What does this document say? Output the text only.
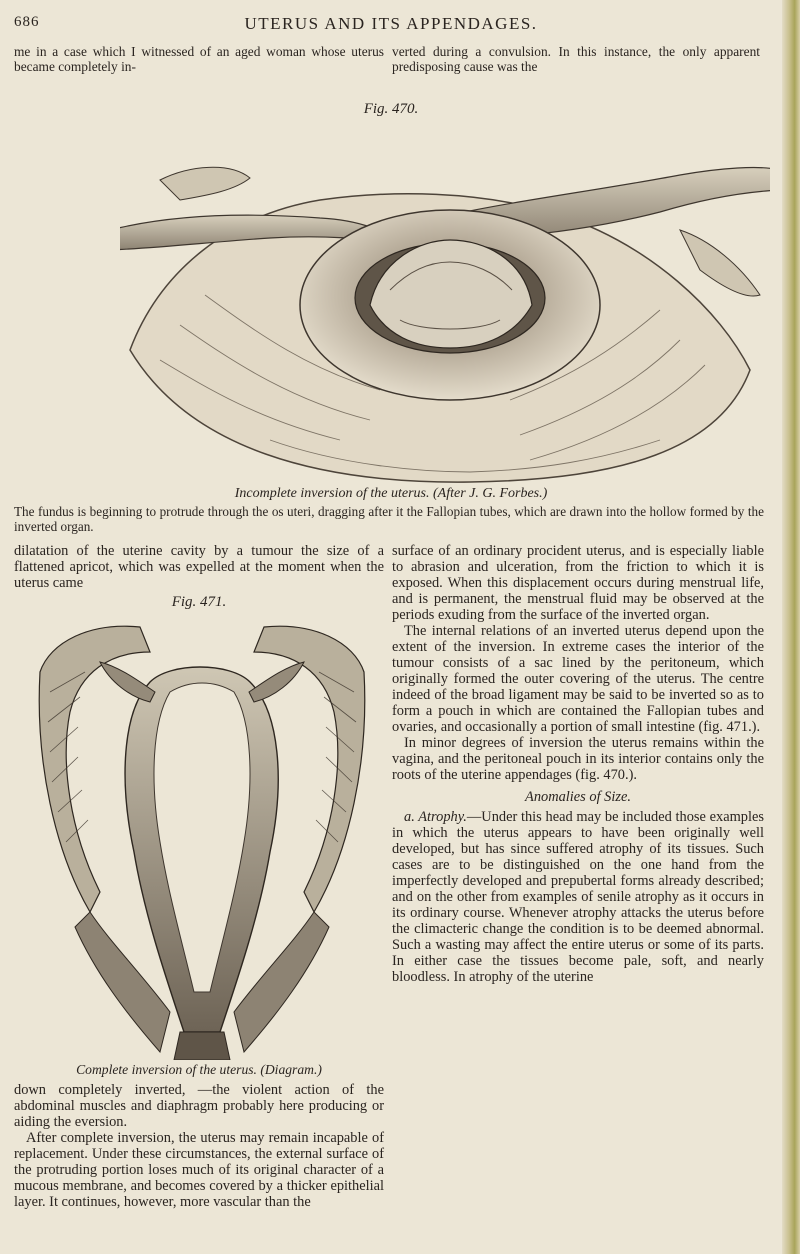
686	UTERUS AND ITS APPENDAGES.

me in a case which I witnessed of an aged woman whose uterus became completely in-

verted during a convulsion. In this instance, the only apparent predisposing cause was the

Fig. 470.
Incomplete inversion of the uterus. (After J. G. Forbes.)
The fundus is beginning to protrude through the os uteri, dragging after it the Fallopian tubes, which are drawn into the hollow formed by the inverted organ.

dilatation of the uterine cavity by a tumour the size of a flattened apricot, which was expelled at the moment when the uterus came

Fig. 471.
Complete inversion of the uterus. (Diagram.)

down completely inverted, —the violent action of the abdominal muscles and diaphragm probably here producing or aiding the eversion.

After complete inversion, the uterus may remain incapable of replacement. Under these circumstances, the external surface of the protruding portion loses much of its original character of a mucous membrane, and becomes covered by a thicker epithelial layer. It continues, however, more vascular than the

surface of an ordinary procident uterus, and is especially liable to abrasion and ulceration, from the friction to which it is exposed. When this displacement occurs during menstrual life, and is permanent, the menstrual fluid may be observed at the periods exuding from the surface of the inverted organ.

The internal relations of an inverted uterus depend upon the extent of the inversion. In extreme cases the interior of the tumour consists of a sac lined by the peritoneum, which originally formed the outer covering of the uterus. The centre indeed of the broad ligament may be said to be inverted so as to form a pouch in which are contained the Fallopian tubes and ovaries, and occasionally a portion of small intestine (fig. 471.).

In minor degrees of inversion the uterus remains within the vagina, and the peritoneal pouch in its interior contains only the roots of the uterine appendages (fig. 470.).

Anomalies of Size.

a. Atrophy.—Under this head may be included those examples in which the uterus appears to have been originally well developed, but has since suffered atrophy of its tissues. Such cases are to be distinguished on the one hand from the imperfectly developed and prepubertal forms already described; and on the other from examples of senile atrophy as it occurs in its ordinary course. Whenever atrophy attacks the uterus before the climacteric change the condition is to be deemed abnormal. Such a wasting may affect the entire uterus or some of its parts. In either case the tissues become pale, soft, and nearly bloodless. In atrophy of the uterine
